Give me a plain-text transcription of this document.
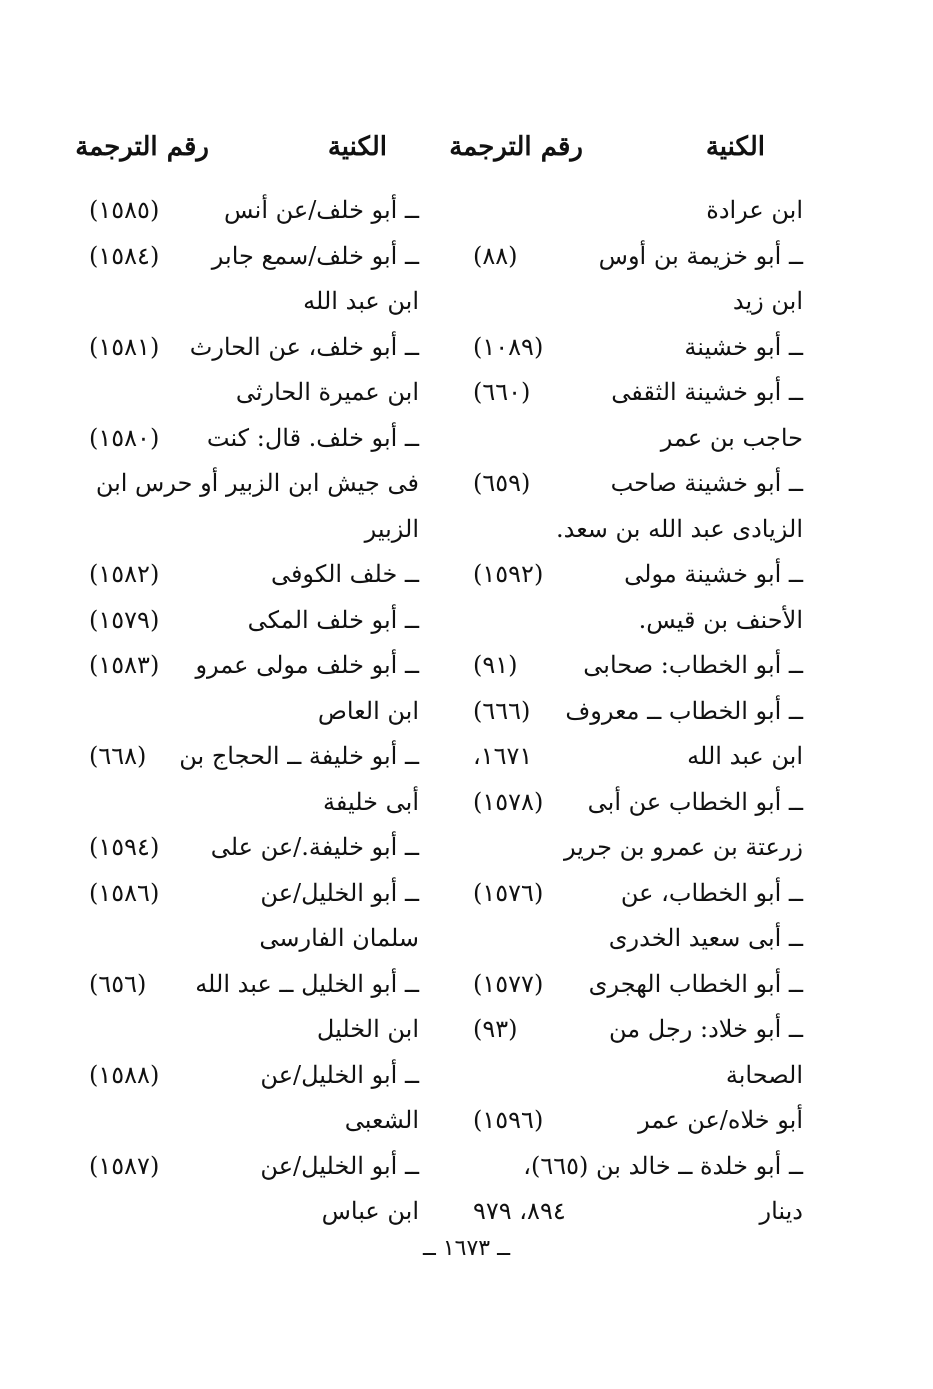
الكنية
رقم الترجمة
الكنية
رقم الترجمة
ابن عرادة
ــ أبو خزيمة بن أوس
(٨٨)
ابن زيد
ــ أبو خشينة
(١٠٨٩)
ــ أبو خشينة الثقفى
(٦٦٠)
حاجب بن عمر
ــ أبو خشينة صاحب
(٦٥٩)
الزيادى عبد الله بن سعد.
ــ أبو خشينة مولى
(١٥٩٢)
الأحنف بن قيس.
ــ أبو الخطاب: صحابى
(٩١)
ــ أبو الخطاب ــ معروف
(٦٦٦)
ابن عبد الله
١٦٧١،
ــ أبو الخطاب عن أبى
(١٥٧٨)
زرعتة بن عمرو بن جرير
ــ أبو الخطاب، عن
(١٥٧٦)
ــ أبى سعيد الخدرى
ــ أبو الخطاب الهجرى
(١٥٧٧)
ــ أبو خلاد: رجل من
(٩٣)
الصحابة
أبو خلاه/عن عمر
(١٥٩٦)
ــ أبو خلدة ــ خالد بن (٦٦٥)،
دينار
٨٩٤، ٩٧٩
ــ أبو خلف/عن أنس
(١٥٨٥)
ــ أبو خلف/سمع جابر
(١٥٨٤)
ابن عبد الله
ــ أبو خلف، عن الحارث
(١٥٨١)
ابن عميرة الحارثى
ــ أبو خلف. قال: كنت
(١٥٨٠)
فى جيش ابن الزبير أو حرس ابن
الزبير
ــ خلف الكوفى
(١٥٨٢)
ــ أبو خلف المكى
(١٥٧٩)
ــ أبو خلف مولى عمرو
(١٥٨٣)
ابن العاص
ــ أبو خليفة ــ الحجاج بن
(٦٦٨)
أبى خليفة
ــ أبو خليفة./عن على
(١٥٩٤)
ــ أبو الخليل/عن
(١٥٨٦)
سلمان الفارسى
ــ أبو الخليل ــ عبد الله
(٦٥٦)
ابن الخليل
ــ أبو الخليل/عن
(١٥٨٨)
الشعبى
ــ أبو الخليل/عن
(١٥٨٧)
ابن عباس
ــ ١٦٧٣ ــ
